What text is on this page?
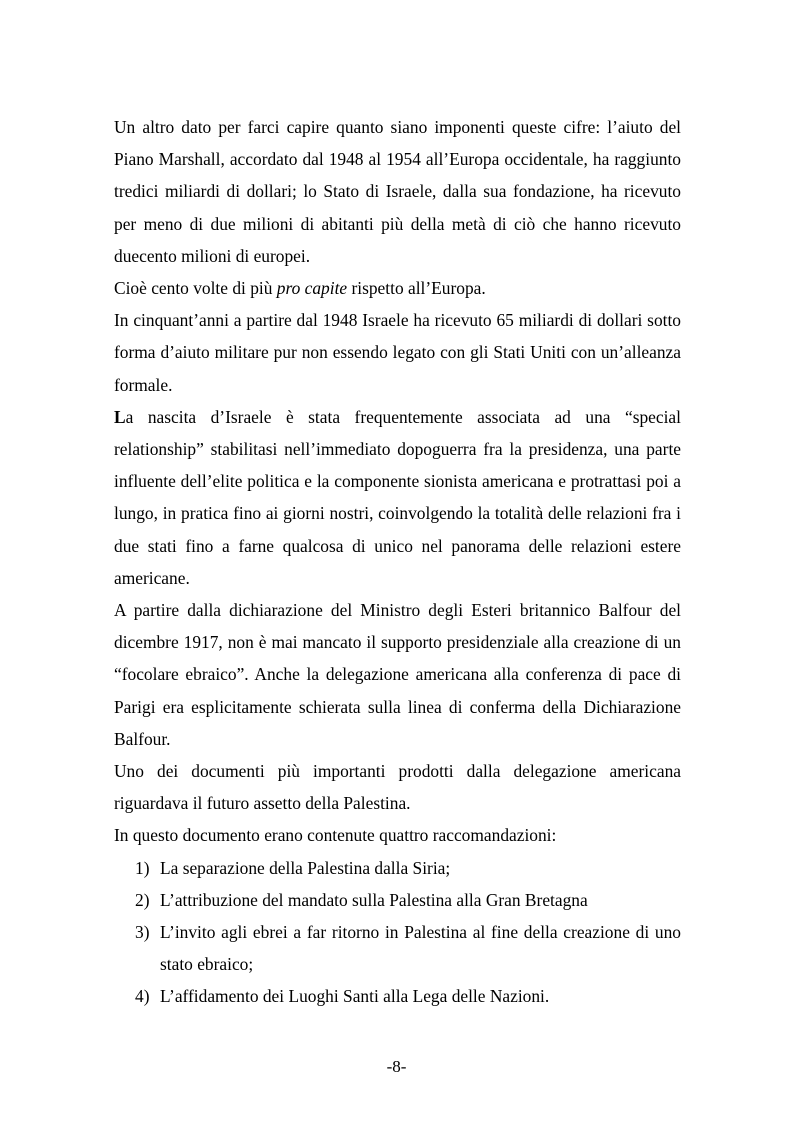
Un altro dato per farci capire quanto siano imponenti queste cifre: l’aiuto del Piano Marshall, accordato dal 1948 al 1954 all’Europa occidentale, ha raggiunto tredici miliardi di dollari; lo Stato di Israele, dalla sua fondazione, ha ricevuto per meno di due milioni di abitanti più della metà di ciò che hanno ricevuto duecento milioni di europei.

Cioè cento volte di più pro capite rispetto all’Europa.

In cinquant’anni a partire dal 1948 Israele ha ricevuto 65 miliardi di dollari sotto forma d’aiuto militare pur non essendo legato con gli Stati Uniti con un’alleanza formale.

La nascita d’Israele è stata frequentemente associata ad una “special relationship” stabilitasi nell’immediato dopoguerra fra la presidenza, una parte influente dell’elite politica e la componente sionista americana e protrattasi poi a lungo, in pratica fino ai giorni nostri, coinvolgendo la totalità delle relazioni fra i due stati fino a farne qualcosa di unico nel panorama delle relazioni estere americane.

A partire dalla dichiarazione del Ministro degli Esteri britannico Balfour del dicembre 1917, non è mai mancato il supporto presidenziale alla creazione di un “focolare ebraico”. Anche la delegazione americana alla conferenza di pace di Parigi era esplicitamente schierata sulla linea di conferma della Dichiarazione Balfour.

Uno dei documenti più importanti prodotti dalla delegazione americana riguardava il futuro assetto della Palestina.

In questo documento erano contenute quattro raccomandazioni:

1) La separazione della Palestina dalla Siria;
2) L’attribuzione del mandato sulla Palestina alla Gran Bretagna
3) L’invito agli ebrei a far ritorno in Palestina al fine della creazione di uno stato ebraico;
4) L’affidamento dei Luoghi Santi alla Lega delle Nazioni.
-8-
